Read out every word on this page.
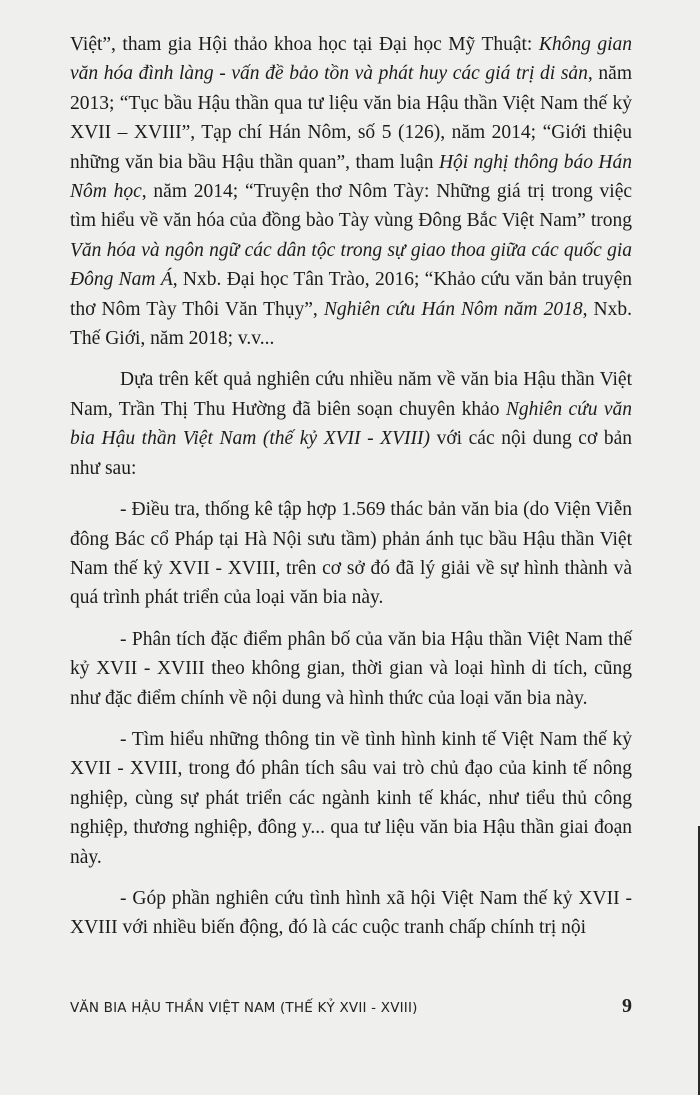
Việt”, tham gia Hội thảo khoa học tại Đại học Mỹ Thuật: Không gian văn hóa đình làng - vấn đề bảo tồn và phát huy các giá trị di sản, năm 2013; “Tục bầu Hậu thần qua tư liệu văn bia Hậu thần Việt Nam thế kỷ XVII – XVIII”, Tạp chí Hán Nôm, số 5 (126), năm 2014; “Giới thiệu những văn bia bầu Hậu thần quan”, tham luận Hội nghị thông báo Hán Nôm học, năm 2014; “Truyện thơ Nôm Tày: Những giá trị trong việc tìm hiểu về văn hóa của đồng bào Tày vùng Đông Bắc Việt Nam” trong Văn hóa và ngôn ngữ các dân tộc trong sự giao thoa giữa các quốc gia Đông Nam Á, Nxb. Đại học Tân Trào, 2016; “Khảo cứu văn bản truyện thơ Nôm Tày Thôi Văn Thụy”, Nghiên cứu Hán Nôm năm 2018, Nxb. Thế Giới, năm 2018; v.v...

Dựa trên kết quả nghiên cứu nhiều năm về văn bia Hậu thần Việt Nam, Trần Thị Thu Hường đã biên soạn chuyên khảo Nghiên cứu văn bia Hậu thần Việt Nam (thế kỷ XVII - XVIII) với các nội dung cơ bản như sau:

- Điều tra, thống kê tập hợp 1.569 thác bản văn bia (do Viện Viễn đông Bác cổ Pháp tại Hà Nội sưu tầm) phản ánh tục bầu Hậu thần Việt Nam thế kỷ XVII - XVIII, trên cơ sở đó đã lý giải về sự hình thành và quá trình phát triển của loại văn bia này.

- Phân tích đặc điểm phân bố của văn bia Hậu thần Việt Nam thế kỷ XVII - XVIII theo không gian, thời gian và loại hình di tích, cũng như đặc điểm chính về nội dung và hình thức của loại văn bia này.

- Tìm hiểu những thông tin về tình hình kinh tế Việt Nam thế kỷ XVII - XVIII, trong đó phân tích sâu vai trò chủ đạo của kinh tế nông nghiệp, cùng sự phát triển các ngành kinh tế khác, như tiểu thủ công nghiệp, thương nghiệp, đông y... qua tư liệu văn bia Hậu thần giai đoạn này.

- Góp phần nghiên cứu tình hình xã hội Việt Nam thế kỷ XVII - XVIII với nhiều biến động, đó là các cuộc tranh chấp chính trị nội

VĂN BIA HẬU THẦN VIỆT NAM (THẾ KỶ XVII - XVIII)	9
